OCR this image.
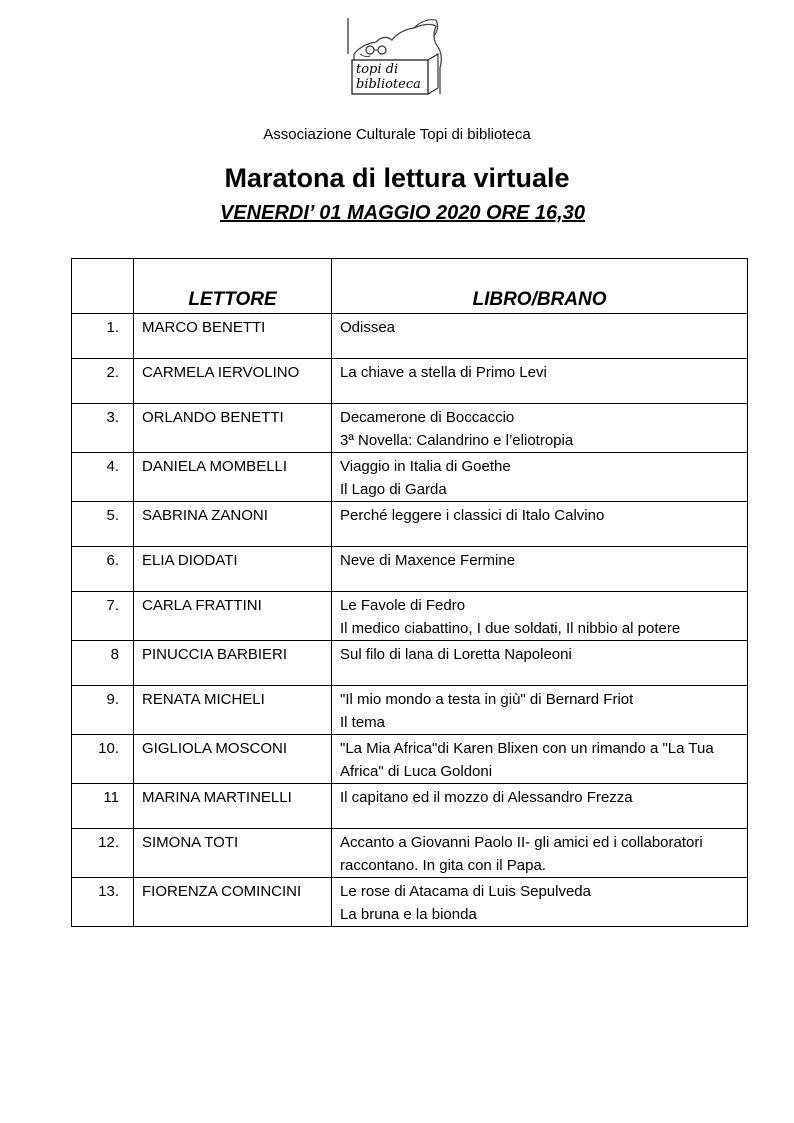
topi di
biblioteca
Associazione Culturale Topi di biblioteca
Maratona di lettura virtuale
VENERDI’ 01 MAGGIO 2020 ORE 16,30

	LETTORE	LIBRO/BRANO

1.	MARCO BENETTI	Odissea

2.	CARMELA IERVOLINO	La chiave a stella di Primo Levi

3.	ORLANDO BENETTI	Decamerone di Boccaccio
3ª Novella: Calandrino e l’eliotropia

4.	DANIELA MOMBELLI	Viaggio in Italia di Goethe
Il Lago di Garda

5.	SABRINA ZANONI	Perché leggere i classici di Italo Calvino

6.	ELIA DIODATI	Neve di Maxence Fermine

7.	CARLA FRATTINI	Le Favole di Fedro
Il medico ciabattino, I due soldati, Il nibbio al potere

8	PINUCCIA BARBIERI	Sul filo di lana di Loretta Napoleoni

9.	RENATA MICHELI	"Il mio mondo a testa in giù" di Bernard Friot
Il tema

10.	GIGLIOLA MOSCONI	"La Mia Africa"di Karen Blixen con un rimando a "La Tua Africa" di Luca Goldoni

11	MARINA MARTINELLI	Il capitano ed il mozzo di Alessandro Frezza

12.	SIMONA TOTI	Accanto a Giovanni Paolo II- gli amici ed i collaboratori raccontano. In gita con il Papa.

13.	FIORENZA COMINCINI	Le rose di Atacama di Luis Sepulveda
La bruna e la bionda
